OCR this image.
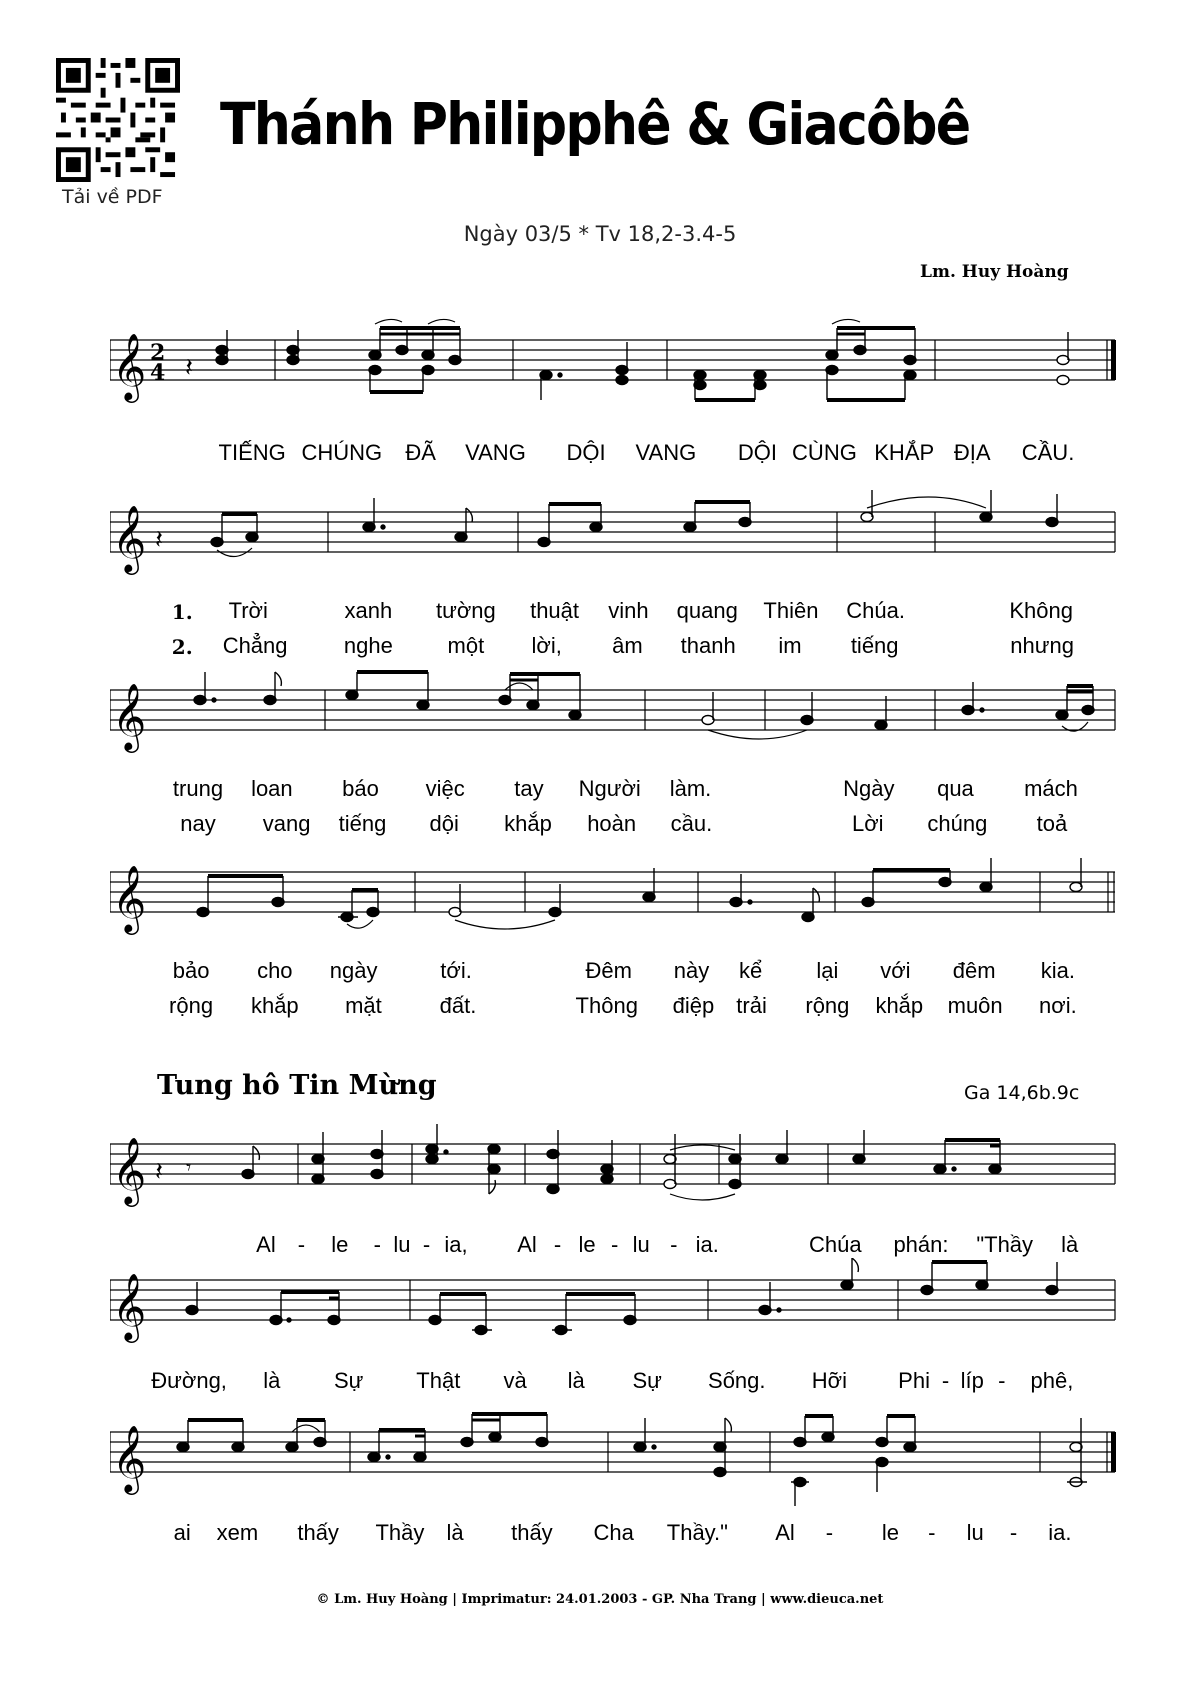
Tải về PDF
Thánh Philipphê & Giacôbê
Ngày 03/5 * Tv 18,2-3.4-5
Lm. Huy Hoàng
𝄞 2
4 𝄽
TIẾNG CHÚNG ĐÃ VANG DỘI VANG DỘI CÙNG KHẮP ĐỊA CẦU.
𝄞 𝄽
1. Trời	xanh tường thuật vinh quang Thiên Chúa.	Không
2. Chẳng	nghe một lời, âm thanh im tiếng	nhưng
𝄞
trung loan báo việc tay Người làm.	Ngày qua mách
nay vang tiếng dội khắp hoàn cầu.	Lời chúng toả
𝄞
bảo cho ngày	tới.	Đêm này kể lại với đêm kia.
rộng khắp mặt	đất.	Thông điệp trải rộng khắp muôn nơi.
Tung hô Tin Mừng	Ga 14,6b.9c
𝄞 𝄽 𝄾
Al - le - lu - ia, Al - le - lu - ia.	Chúa phán: "Thầy là
𝄞
Đường, là Sự Thật và là Sự Sống. Hỡi Phi - líp - phê,
𝄞
ai xem thấy Thầy là thấy Cha Thầy." Al - le - lu - ia.
© Lm. Huy Hoàng | Imprimatur: 24.01.2003 - GP. Nha Trang | www.dieuca.net
